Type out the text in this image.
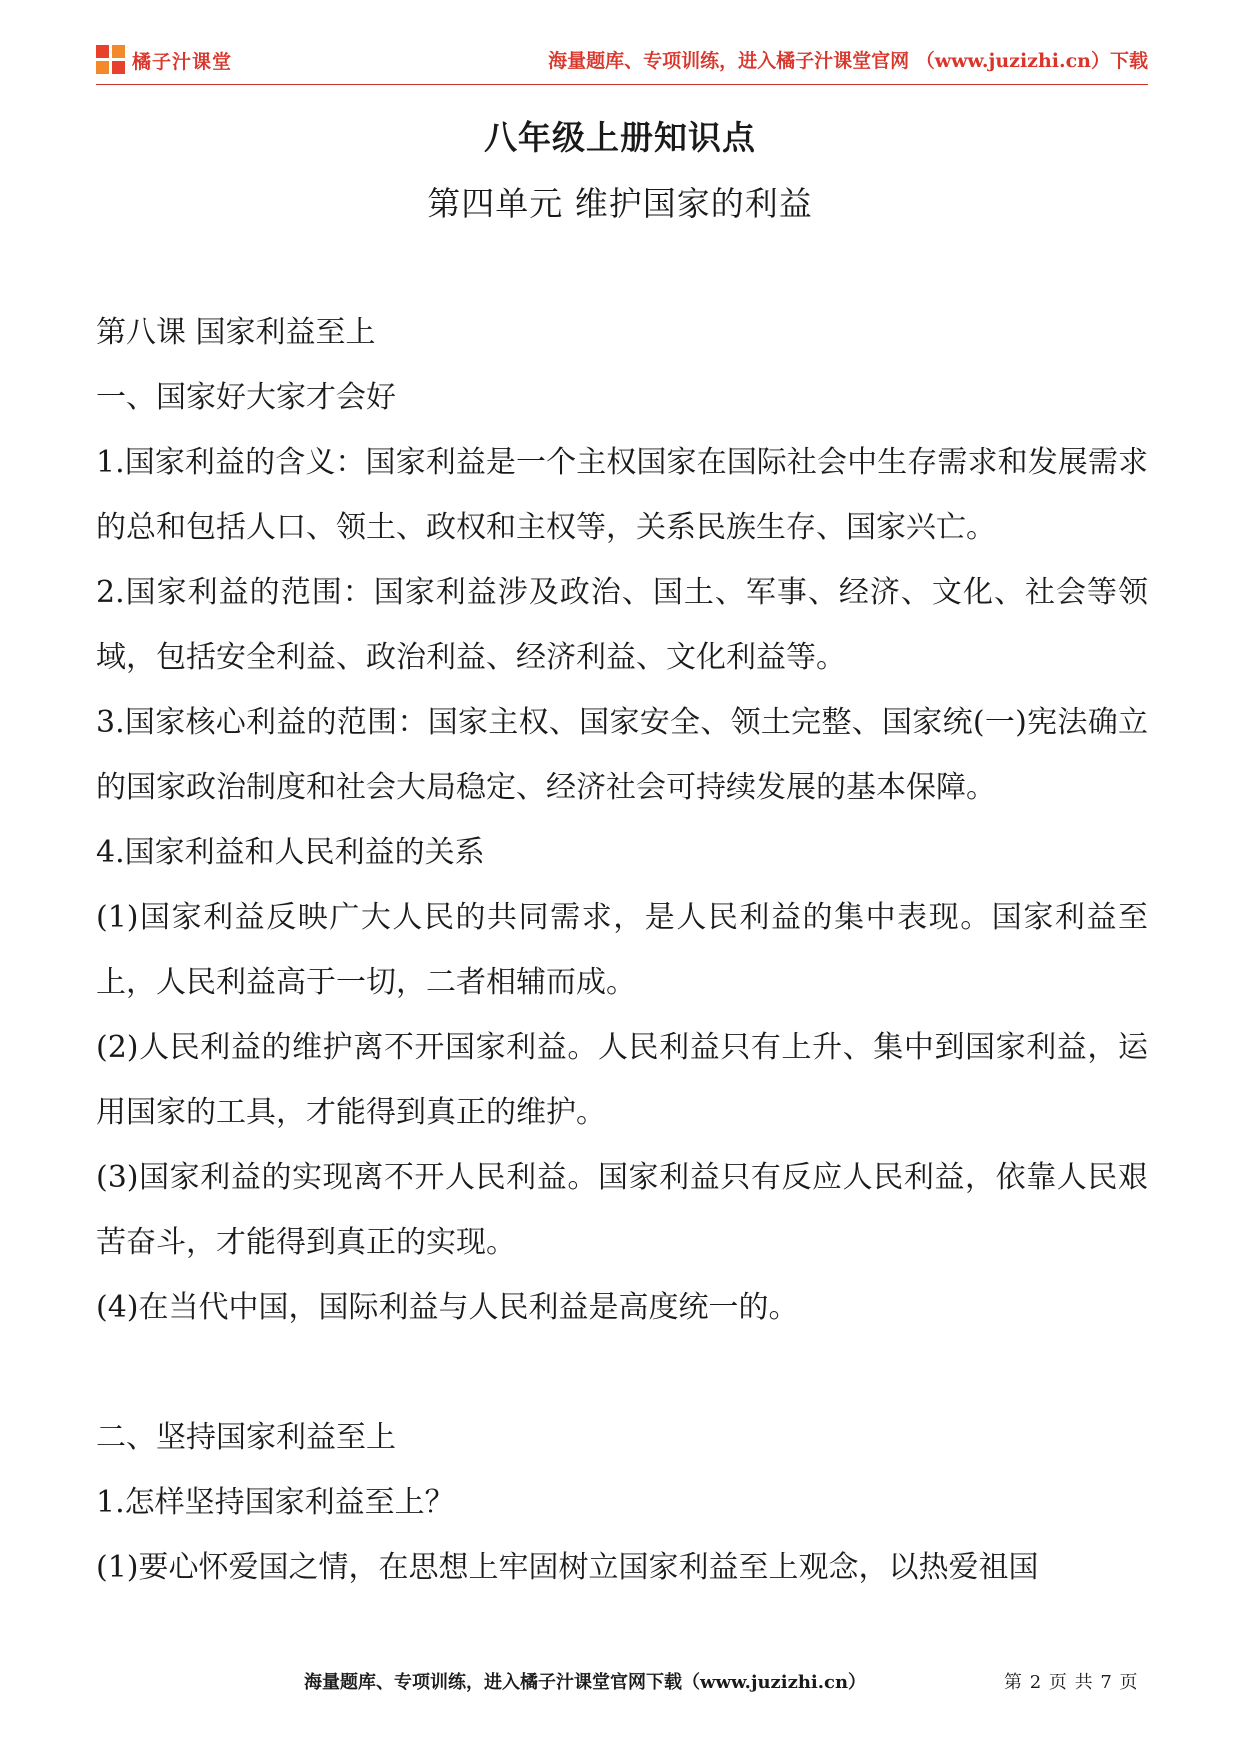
橘子汁课堂	海量题库、专项训练，进入橘子汁课堂官网 （www.juzizhi.cn）下载
八年级上册知识点
第四单元 维护国家的利益

第八课 国家利益至上

一、国家好大家才会好

1.国家利益的含义：国家利益是一个主权国家在国际社会中生存需求和发展需求的总和包括人口、领土、政权和主权等，关系民族生存、国家兴亡。

2.国家利益的范围：国家利益涉及政治、国土、军事、经济、文化、社会等领域，包括安全利益、政治利益、经济利益、文化利益等。

3.国家核心利益的范围：国家主权、国家安全、领土完整、国家统(一)宪法确立的国家政治制度和社会大局稳定、经济社会可持续发展的基本保障。

4.国家利益和人民利益的关系

(1)国家利益反映广大人民的共同需求，是人民利益的集中表现。国家利益至上，人民利益高于一切，二者相辅而成。

(2)人民利益的维护离不开国家利益。人民利益只有上升、集中到国家利益，运用国家的工具，才能得到真正的维护。

(3)国家利益的实现离不开人民利益。国家利益只有反应人民利益，依靠人民艰苦奋斗，才能得到真正的实现。

(4)在当代中国，国际利益与人民利益是高度统一的。

二、坚持国家利益至上

1.怎样坚持国家利益至上？

(1)要心怀爱国之情，在思想上牢固树立国家利益至上观念，以热爱祖国

海量题库、专项训练，进入橘子汁课堂官网下载（www.juzizhi.cn）	第 2 页 共 7 页
